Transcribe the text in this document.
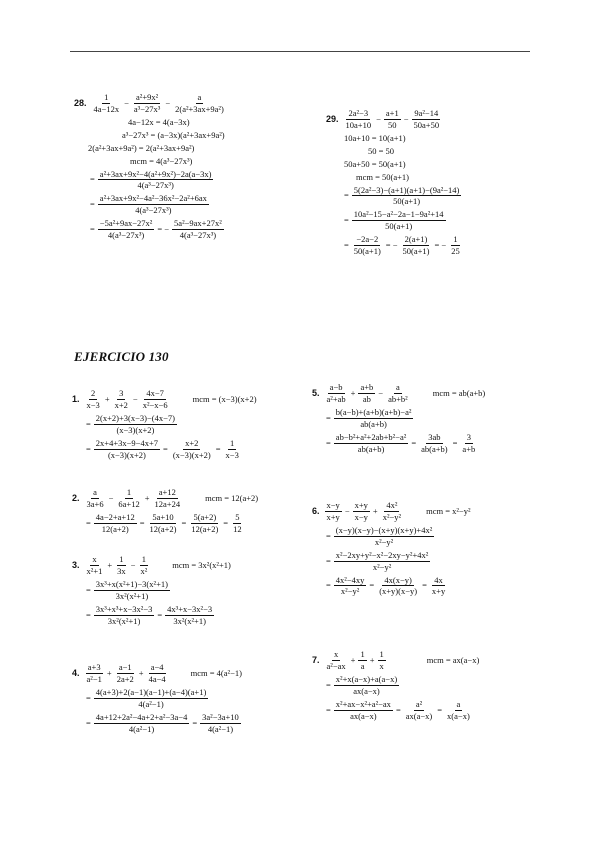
28.
1
4a−12x
− $\frac{\text{a²+9x²}}{\text{a³−27x³}} - \frac{a}{\text{2(a²+3ax+9a²)}}$
4a−12x = 4(a−3x)
a³−27x³ = (a−3x)(a²+3ax+9a²)
2(a²+3ax+9a²) = 2(a²+3ax+9a²)
mcm = 4(a³−27x³)
= $\frac{\text{a²+3ax+9x²−4(a²+9x²)−2a(a−3x)}}{\text{4(a³−27x³)}}$
= $\frac{\text{a²+3ax+9x²−4a²−36x²−2a²+6ax}}{\text{4(a³−27x³)}}$
= $\frac{\text{−5a²+9ax−27x²}}{\text{4(a³−27x³)}}$ = − $\frac{\text{5a²−9ax+27x²}}{\text{4(a³−27x³)}}$
29.
2a²−3
10a+10
− $\frac{a+1}{50} - \frac{\text{9a²−14}}{50a+50}$
10a+10 = 10(a+1)
50 = 50
50a+50 = 50(a+1)
mcm = 50(a+1)
= $\frac{\text{5(2a²−3)−(a+1)(a+1)−(9a²−14)}}{50(a+1)}$
= $\frac{\text{10a²−15−a²−2a−1−9a²+14}}{50(a+1)}$
= $\frac{-2a-2}{50(a+1)}$ = − $\frac{2(a+1)}{50(a+1)}$ = − $\frac{1}{25}$
EJERCICIO 130
1.
2
x−3
+ $\frac{3}{x+2} - \frac{4x-7}{\text{x²−x−6}}$	mcm = (x−3)(x+2)
= $\frac{2(x+2)+3(x-3)-(4x-7)}{(x-3)(x+2)}$
= $\frac{2x+4+3x-9-4x+7}{(x-3)(x+2)} = \frac{x+2}{(x-3)(x+2)} = \frac{1}{x-3}$
2.
a
3a+6
− $\frac{1}{6a+12} + \frac{a+12}{12a+24}$	mcm = 12(a+2)
= $\frac{4a-2+a+12}{12(a+2)} = \frac{5a+10}{12(a+2)} = \frac{5(a+2)}{12(a+2)} = \frac{5}{12}$
3.
x
x²+1
+ $\frac{1}{3x} - \frac{1}{\text{x²}}$	mcm = 3x²(x²+1)
= $\frac{\text{3x³+x(x²+1)−3(x²+1)}}{\text{3x²(x²+1)}}$
= $\frac{\text{3x³+x³+x−3x²−3}}{\text{3x²(x²+1)}} = \frac{\text{4x³+x−3x²−3}}{\text{3x²(x²+1)}}$
4.
a+3
a²−1
+ $\frac{a-1}{2a+2} + \frac{a-4}{4a-4}$	mcm = 4(a²−1)
= $\frac{4(a+3)+2(a-1)(a-1)+(a-4)(a+1)}{\text{4(a²−1)}}$
= $\frac{\text{4a+12+2a²−4a+2+a²−3a−4}}{\text{4(a²−1)}} = \frac{\text{3a²−3a+10}}{\text{4(a²−1)}}$
5.
a−b
a²+ab
+ $\frac{a+b}{ab} - \frac{a}{\text{ab+b²}}$	mcm = ab(a+b)
= $\frac{\text{b(a−b)+(a+b)(a+b)−a²}}{ab(a+b)}$
= $\frac{\text{ab−b²+a²+2ab+b²−a²}}{ab(a+b)} = \frac{3ab}{ab(a+b)} = \frac{3}{a+b}$
6.
x−y
x+y
− $\frac{x+y}{x-y} + \frac{\text{4x²}}{\text{x²−y²}}$	mcm = x²−y²
= $\frac{\text{(x−y)(x−y)−(x+y)(x+y)+4x²}}{\text{x²−y²}}$
= $\frac{\text{x²−2xy+y²−x²−2xy−y²+4x²}}{\text{x²−y²}}$
= $\frac{\text{4x²−4xy}}{\text{x²−y²}} = \frac{4x(x-y)}{(x+y)(x-y)} = \frac{4x}{x+y}$
7.
x
a²−ax
+ $\frac{1}{a} + \frac{1}{x}$	mcm = ax(a−x)
= $\frac{\text{x²+x(a−x)+a(a−x)}}{ax(a-x)}$
= $\frac{\text{x²+ax−x²+a²−ax}}{ax(a-x)} = \frac{\text{a²}}{ax(a-x)} = \frac{a}{x(a-x)}$
